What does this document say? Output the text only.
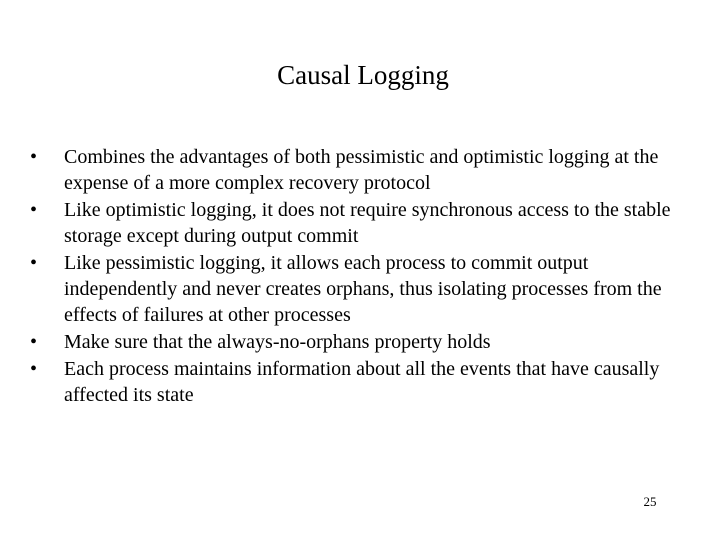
Causal Logging
•	Combines the advantages of both pessimistic and optimistic logging at the expense of a more complex recovery protocol
•	Like optimistic logging, it does not require synchronous access to the stable storage except during output commit
•	Like pessimistic logging, it allows each process to commit output independently and never creates orphans, thus isolating processes from the effects of failures at other processes
•	Make sure that the always-no-orphans property holds
•	Each process maintains information about all the events that have causally affected its state
25
